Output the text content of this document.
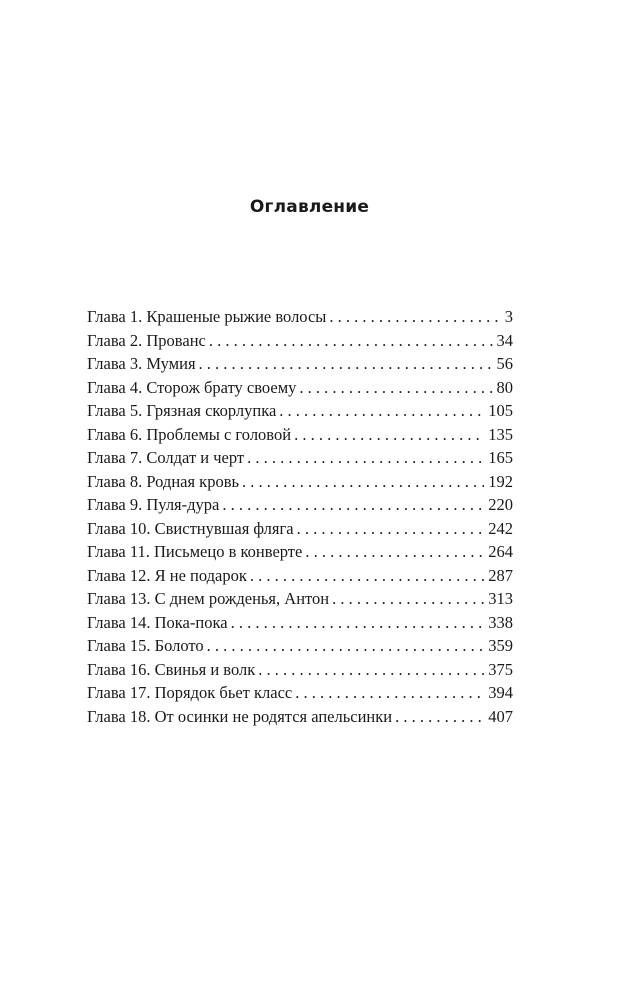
Оглавление
Глава 1. Крашеные рыжие волосы . . .	3
Глава 2. Прованс . . .	34
Глава 3. Мумия . . .	56
Глава 4. Сторож брату своему . . .	80
Глава 5. Грязная скорлупка . . .	105
Глава 6. Проблемы с головой . . .	135
Глава 7. Солдат и черт . . .	165
Глава 8. Родная кровь . . .	192
Глава 9. Пуля-дура . . .	220
Глава 10. Свистнувшая фляга . . .	242
Глава 11. Письмецо в конверте . . .	264
Глава 12. Я не подарок . . .	287
Глава 13. С днем рожденья, Антон . . .	313
Глава 14. Пока-пока . . .	338
Глава 15. Болото . . .	359
Глава 16. Свинья и волк . . .	375
Глава 17. Порядок бьет класс . . .	394
Глава 18. От осинки не родятся апельсинки . . .	407
